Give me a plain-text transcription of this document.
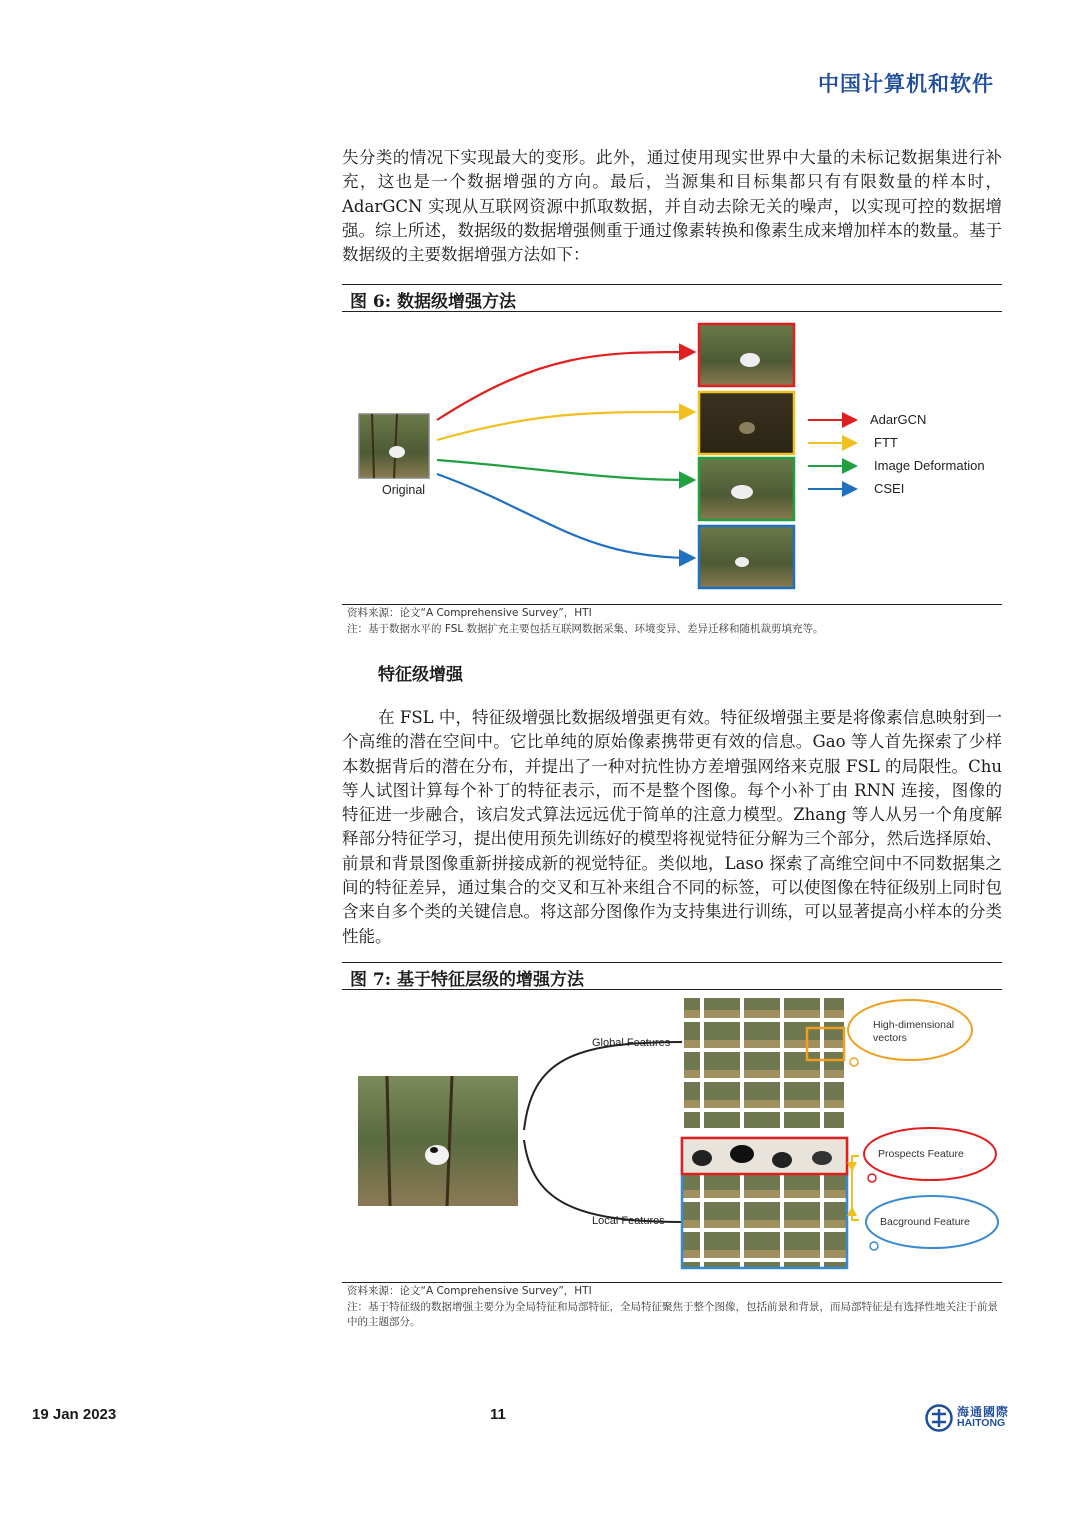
中国计算机和软件

失分类的情况下实现最大的变形。此外，通过使用现实世界中大量的未标记数据集进行补充，这也是一个数据增强的方向。最后，当源集和目标集都只有有限数量的样本时，AdarGCN 实现从互联网资源中抓取数据，并自动去除无关的噪声，以实现可控的数据增强。综上所述，数据级的数据增强侧重于通过像素转换和像素生成来增加样本的数量。基于数据级的主要数据增强方法如下：

图 6: 数据级增强方法
Original
AdarGCN
FTT
Image Deformation
CSEI
资料来源：论文“A Comprehensive Survey”，HTI
注：基于数据水平的 FSL 数据扩充主要包括互联网数据采集、环境变异、差异迁移和随机裁剪填充等。
特征级增强

在 FSL 中，特征级增强比数据级增强更有效。特征级增强主要是将像素信息映射到一个高维的潜在空间中。它比单纯的原始像素携带更有效的信息。Gao 等人首先探索了少样本数据背后的潜在分布，并提出了一种对抗性协方差增强网络来克服 FSL 的局限性。Chu 等人试图计算每个补丁的特征表示，而不是整个图像。每个小补丁由 RNN 连接，图像的特征进一步融合，该启发式算法远远优于简单的注意力模型。Zhang 等人从另一个角度解释部分特征学习，提出使用预先训练好的模型将视觉特征分解为三个部分，然后选择原始、前景和背景图像重新拼接成新的视觉特征。类似地，Laso 探索了高维空间中不同数据集之间的特征差异，通过集合的交叉和互补来组合不同的标签，可以使图像在特征级别上同时包含来自多个类的关键信息。将这部分图像作为支持集进行训练，可以显著提高小样本的分类性能。

图 7: 基于特征层级的增强方法
Global Features
Local Features
High-dimensional
vectors
Prospects Feature
Bacground Feature
资料来源：论文“A Comprehensive Survey”，HTI
注：基于特征级的数据增强主要分为全局特征和局部特征，全局特征聚焦于整个图像，包括前景和背景，而局部特征是有选择性地关注于前景中的主题部分。
19 Jan 2023	11	海通國際
HAITONG
